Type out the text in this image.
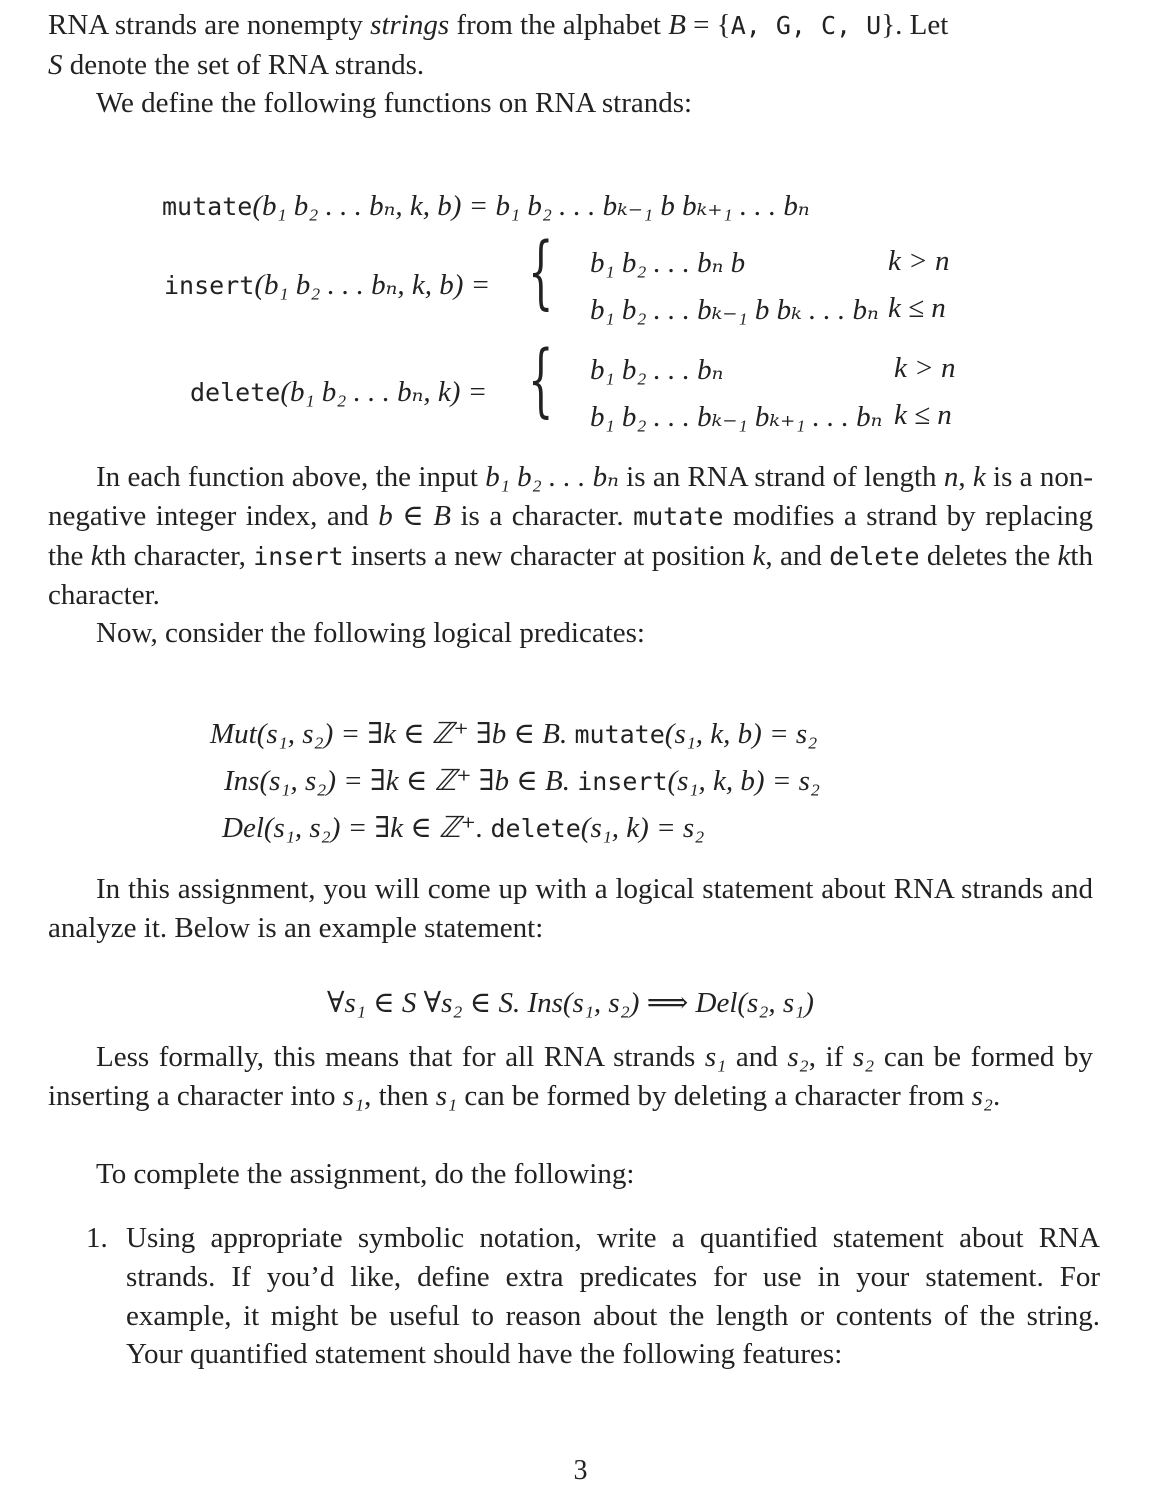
RNA strands are nonempty strings from the alphabet B = {A, G, C, U}. Let
S denote the set of RNA strands.

We define the following functions on RNA strands:

mutate(b₁ b₂ . . . bₙ, k, b) = b₁ b₂ . . . bₖ₋₁ b bₖ₊₁ . . . bₙ
insert(b₁ b₂ . . . bₙ, k, b) = { b₁ b₂ . . . bₙ b	k > n
b₁ b₂ . . . bₖ₋₁ b bₖ . . . bₙ k ≤ n
delete(b₁ b₂ . . . bₙ, k) = { b₁ b₂ . . . bₙ	k > n
b₁ b₂ . . . bₖ₋₁ bₖ₊₁ . . . bₙ k ≤ n

In each function above, the input b₁ b₂ . . . bₙ is an RNA strand of length n, k is a non-negative integer index, and b ∈ B is a character. mutate modifies a strand by replacing the kth character, insert inserts a new character at position k, and delete deletes the kth character.

Now, consider the following logical predicates:

Mut(s₁, s₂) = ∃k ∈ ℤ⁺ ∃b ∈ B. mutate(s₁, k, b) = s₂
Ins(s₁, s₂) = ∃k ∈ ℤ⁺ ∃b ∈ B. insert(s₁, k, b) = s₂
Del(s₁, s₂) = ∃k ∈ ℤ⁺. delete(s₁, k) = s₂

In this assignment, you will come up with a logical statement about RNA strands and analyze it. Below is an example statement:

∀s₁ ∈ S ∀s₂ ∈ S. Ins(s₁, s₂) ⟹ Del(s₂, s₁)

Less formally, this means that for all RNA strands s₁ and s₂, if s₂ can be formed by inserting a character into s₁, then s₁ can be formed by deleting a character from s₂.

To complete the assignment, do the following:

1. Using appropriate symbolic notation, write a quantified statement about RNA strands. If you’d like, define extra predicates for use in your statement. For example, it might be useful to reason about the length or contents of the string. Your quantified statement should have the following features:

3
